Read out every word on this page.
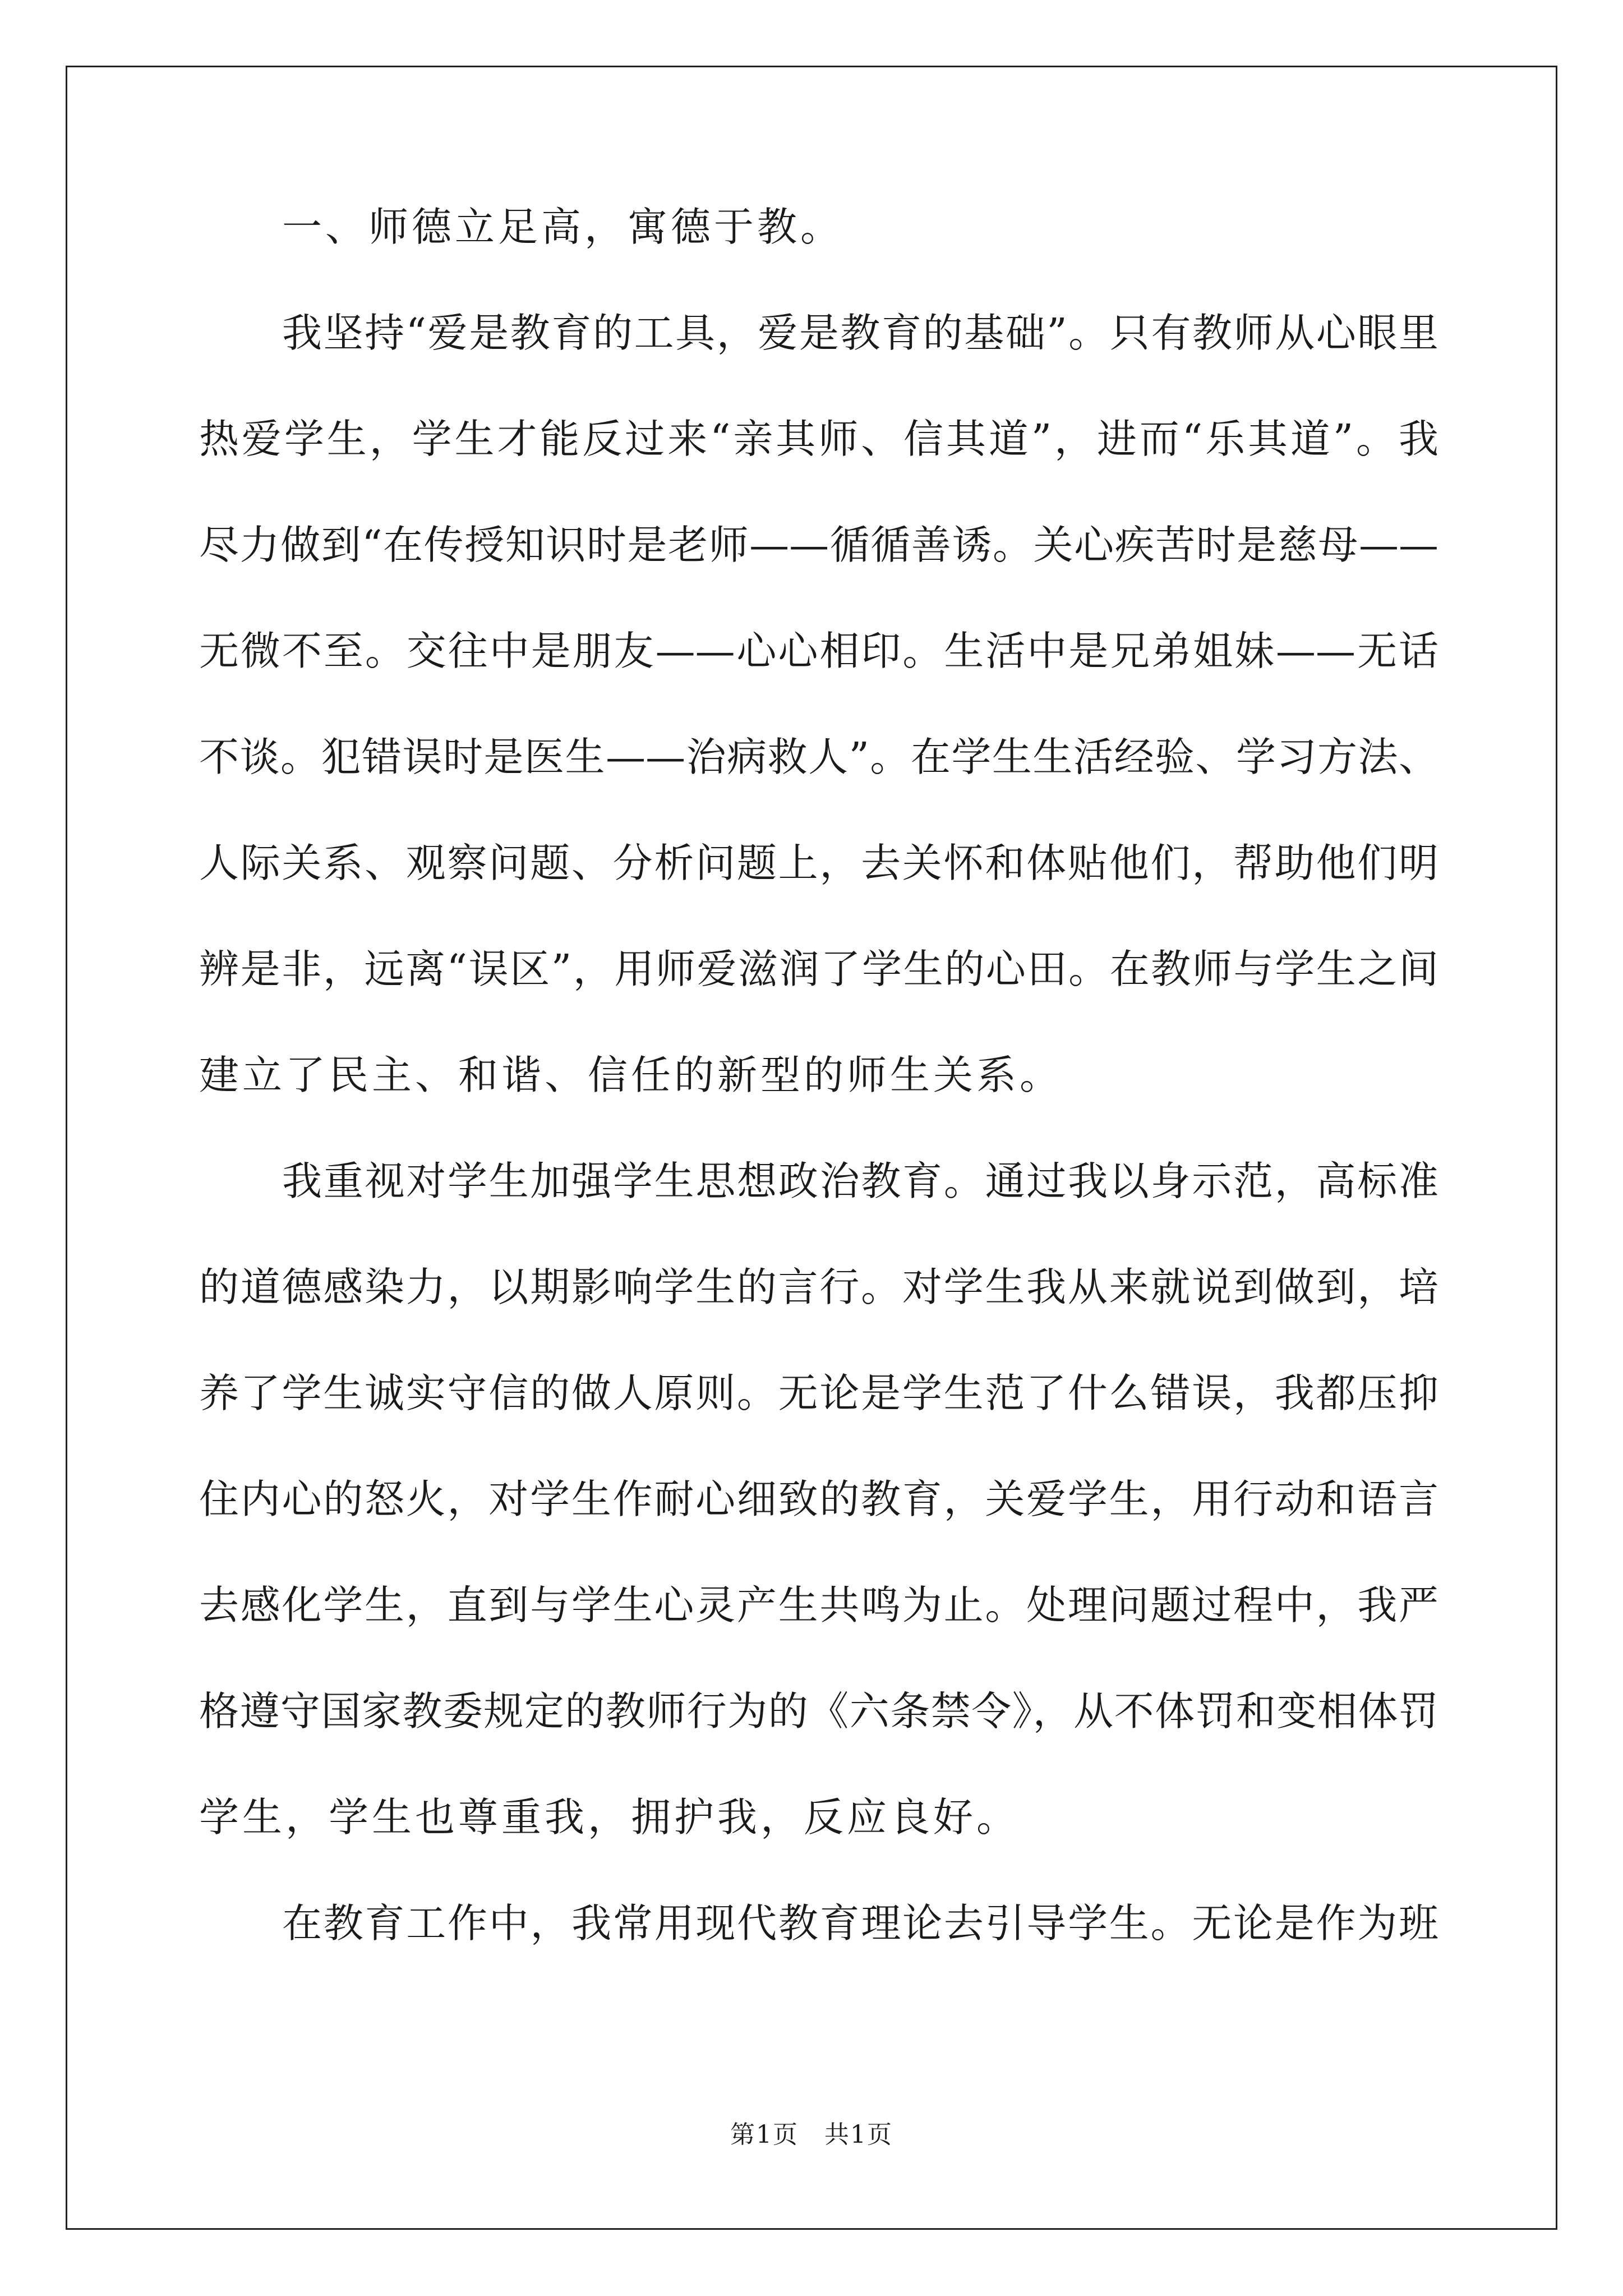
一、师德立足高，寓德于教。
我坚持“爱是教育的工具，爱是教育的基础”。只有教师从心眼里
热爱学生，学生才能反过来“亲其师、信其道”，进而“乐其道”。我
尽力做到“在传授知识时是老师——循循善诱。关心疾苦时是慈母——
无微不至。交往中是朋友——心心相印。生活中是兄弟姐妹——无话
不谈。犯错误时是医生——治病救人”。在学生生活经验、学习方法、
人际关系、观察问题、分析问题上，去关怀和体贴他们，帮助他们明
辨是非，远离“误区”，用师爱滋润了学生的心田。在教师与学生之间
建立了民主、和谐、信任的新型的师生关系。
我重视对学生加强学生思想政治教育。通过我以身示范，高标准
的道德感染力，以期影响学生的言行。对学生我从来就说到做到，培
养了学生诚实守信的做人原则。无论是学生范了什么错误，我都压抑
住内心的怒火，对学生作耐心细致的教育，关爱学生，用行动和语言
去感化学生，直到与学生心灵产生共鸣为止。处理问题过程中，我严
格遵守国家教委规定的教师行为的《六条禁令》，从不体罚和变相体罚
学生，学生也尊重我，拥护我，反应良好。
在教育工作中，我常用现代教育理论去引导学生。无论是作为班
第1页　共1页
